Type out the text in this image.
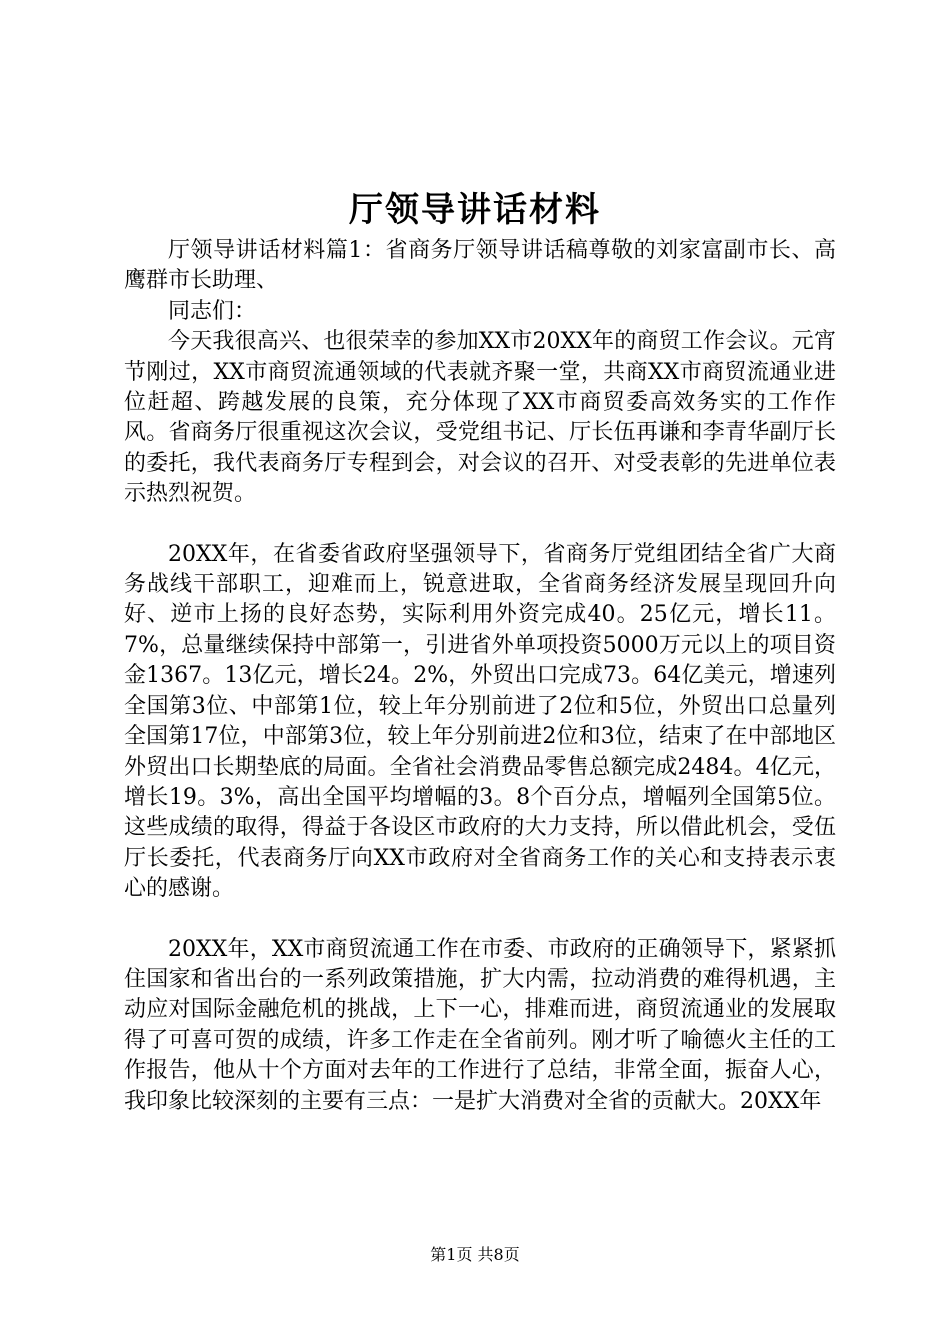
厅领导讲话材料

厅领导讲话材料篇1：省商务厅领导讲话稿尊敬的刘家富副市长、高鹰群市长助理、

同志们：

今天我很高兴、也很荣幸的参加XX市20XX年的商贸工作会议。元宵节刚过，XX市商贸流通领域的代表就齐聚一堂，共商XX市商贸流通业进位赶超、跨越发展的良策，充分体现了XX市商贸委高效务实的工作作风。省商务厅很重视这次会议，受党组书记、厅长伍再谦和李青华副厅长的委托，我代表商务厅专程到会，对会议的召开、对受表彰的先进单位表示热烈祝贺。

20XX年，在省委省政府坚强领导下，省商务厅党组团结全省广大商务战线干部职工，迎难而上，锐意进取，全省商务经济发展呈现回升向好、逆市上扬的良好态势，实际利用外资完成40。25亿元，增长11。7%，总量继续保持中部第一，引进省外单项投资5000万元以上的项目资金1367。13亿元，增长24。2%，外贸出口完成73。64亿美元，增速列全国第3位、中部第1位，较上年分别前进了2位和5位，外贸出口总量列全国第17位，中部第3位，较上年分别前进2位和3位，结束了在中部地区外贸出口长期垫底的局面。全省社会消费品零售总额完成2484。4亿元，增长19。3%，高出全国平均增幅的3。8个百分点，增幅列全国第5位。这些成绩的取得，得益于各设区市政府的大力支持，所以借此机会，受伍厅长委托，代表商务厅向XX市政府对全省商务工作的关心和支持表示衷心的感谢。

20XX年，XX市商贸流通工作在市委、市政府的正确领导下，紧紧抓住国家和省出台的一系列政策措施，扩大内需，拉动消费的难得机遇，主动应对国际金融危机的挑战，上下一心，排难而进，商贸流通业的发展取得了可喜可贺的成绩，许多工作走在全省前列。刚才听了喻德火主任的工作报告，他从十个方面对去年的工作进行了总结，非常全面，振奋人心，我印象比较深刻的主要有三点：一是扩大消费对全省的贡献大。20XX年

第1页 共8页
